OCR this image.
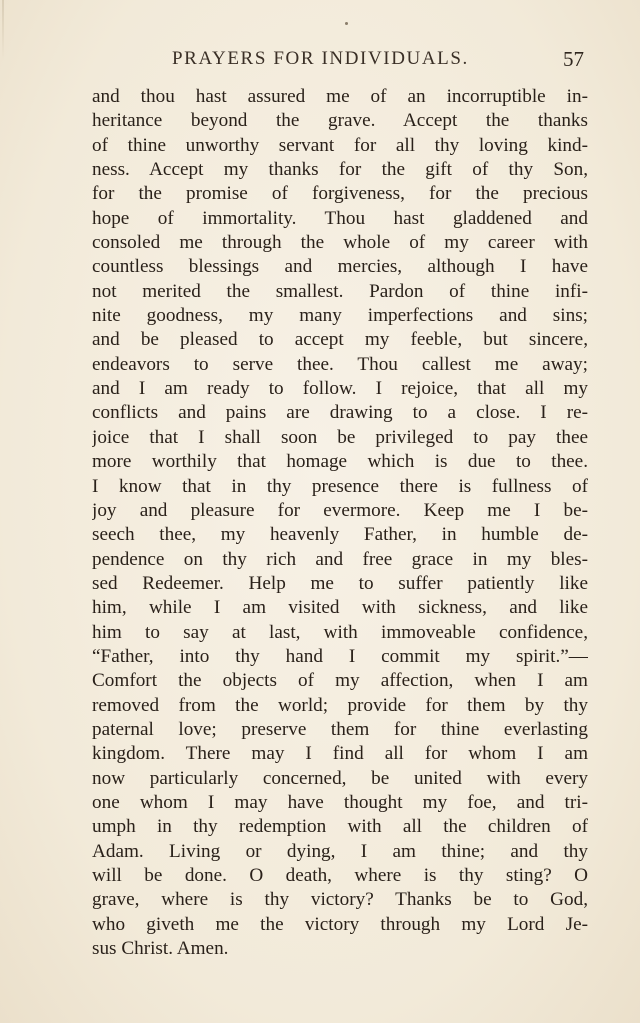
PRAYERS FOR INDIVIDUALS.	57
and thou hast assured me of an incorruptible in-
heritance beyond the grave. Accept the thanks
of thine unworthy servant for all thy loving kind-
ness. Accept my thanks for the gift of thy Son,
for the promise of forgiveness, for the precious
hope of immortality. Thou hast gladdened and
consoled me through the whole of my career with
countless blessings and mercies, although I have
not merited the smallest. Pardon of thine infi-
nite goodness, my many imperfections and sins;
and be pleased to accept my feeble, but sincere,
endeavors to serve thee. Thou callest me away;
and I am ready to follow. I rejoice, that all my
conflicts and pains are drawing to a close. I re-
joice that I shall soon be privileged to pay thee
more worthily that homage which is due to thee.
I know that in thy presence there is fullness of
joy and pleasure for evermore. Keep me I be-
seech thee, my heavenly Father, in humble de-
pendence on thy rich and free grace in my bles-
sed Redeemer. Help me to suffer patiently like
him, while I am visited with sickness, and like
him to say at last, with immoveable confidence,
“Father, into thy hand I commit my spirit.”—
Comfort the objects of my affection, when I am
removed from the world; provide for them by thy
paternal love; preserve them for thine everlasting
kingdom. There may I find all for whom I am
now particularly concerned, be united with every
one whom I may have thought my foe, and tri-
umph in thy redemption with all the children of
Adam. Living or dying, I am thine; and thy
will be done. O death, where is thy sting? O
grave, where is thy victory? Thanks be to God,
who giveth me the victory through my Lord Je-
sus Christ. Amen.
